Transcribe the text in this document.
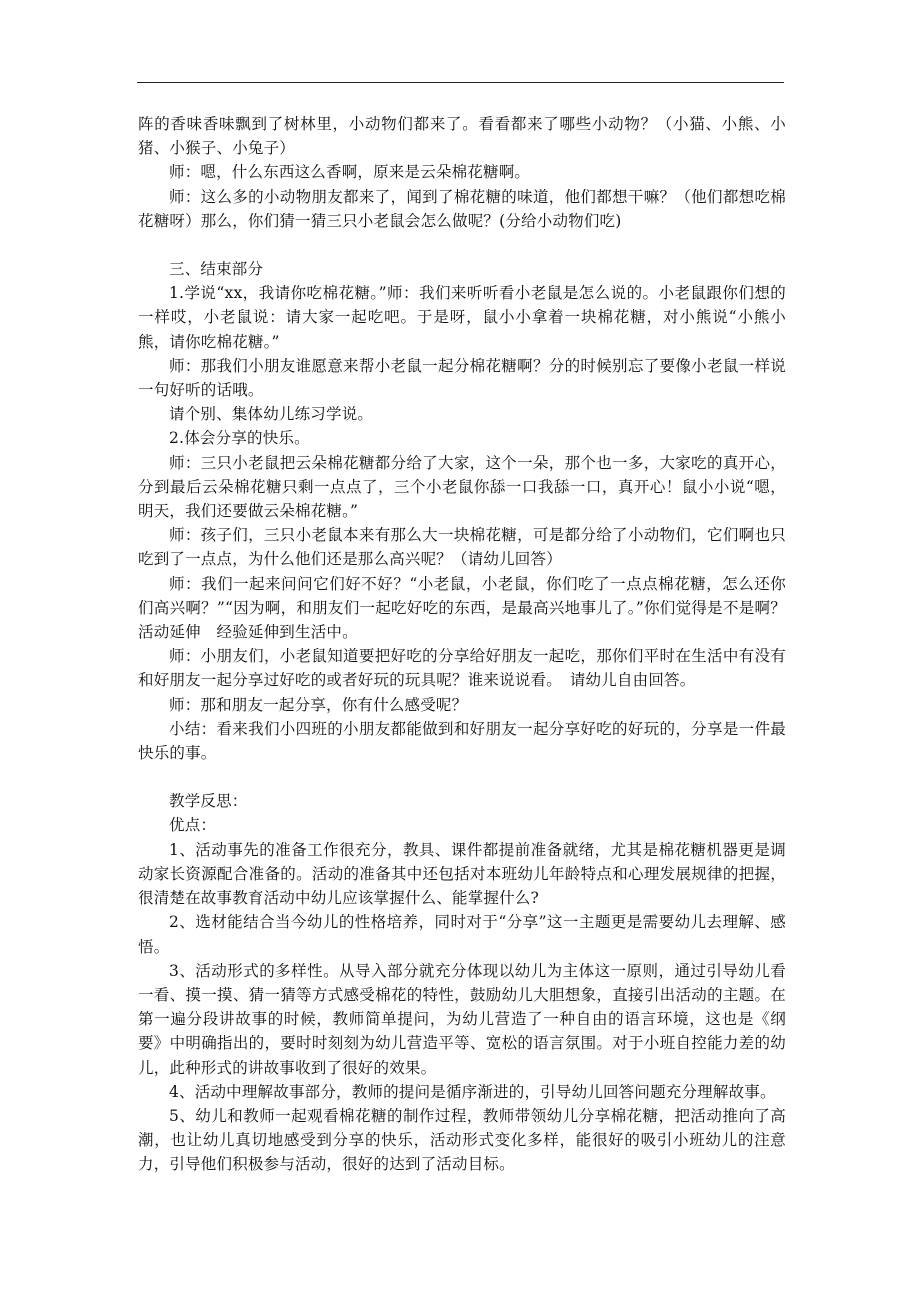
阵的香味香味飘到了树林里，小动物们都来了。看看都来了哪些小动物？（小猫、小熊、小猪、小猴子、小兔子）

师：嗯，什么东西这么香啊，原来是云朵棉花糖啊。

师：这么多的小动物朋友都来了，闻到了棉花糖的味道，他们都想干嘛？（他们都想吃棉花糖呀）那么，你们猜一猜三只小老鼠会怎么做呢？(分给小动物们吃)

三、结束部分

1.学说“xx，我请你吃棉花糖。”师：我们来听听看小老鼠是怎么说的。小老鼠跟你们想的一样哎，小老鼠说：请大家一起吃吧。于是呀，鼠小小拿着一块棉花糖，对小熊说“小熊小熊，请你吃棉花糖。”

师：那我们小朋友谁愿意来帮小老鼠一起分棉花糖啊？分的时候别忘了要像小老鼠一样说一句好听的话哦。

请个别、集体幼儿练习学说。

2.体会分享的快乐。

师：三只小老鼠把云朵棉花糖都分给了大家，这个一朵，那个也一多，大家吃的真开心，分到最后云朵棉花糖只剩一点点了，三个小老鼠你舔一口我舔一口，真开心！鼠小小说“嗯，明天，我们还要做云朵棉花糖。”

师：孩子们，三只小老鼠本来有那么大一块棉花糖，可是都分给了小动物们，它们啊也只吃到了一点点，为什么他们还是那么高兴呢？（请幼儿回答）

师：我们一起来问问它们好不好？“小老鼠，小老鼠，你们吃了一点点棉花糖，怎么还你们高兴啊？”“因为啊，和朋友们一起吃好吃的东西，是最高兴地事儿了。”你们觉得是不是啊？　活动延伸　经验延伸到生活中。

师：小朋友们，小老鼠知道要把好吃的分享给好朋友一起吃，那你们平时在生活中有没有和好朋友一起分享过好吃的或者好玩的玩具呢？谁来说说看。　请幼儿自由回答。

师：那和朋友一起分享，你有什么感受呢？

小结：看来我们小四班的小朋友都能做到和好朋友一起分享好吃的好玩的，分享是一件最快乐的事。

教学反思：

优点：

1、活动事先的准备工作很充分，教具、课件都提前准备就绪，尤其是棉花糖机器更是调动家长资源配合准备的。活动的准备其中还包括对本班幼儿年龄特点和心理发展规律的把握，很清楚在故事教育活动中幼儿应该掌握什么、能掌握什么?

2、选材能结合当今幼儿的性格培养，同时对于“分享”这一主题更是需要幼儿去理解、感悟。

3、活动形式的多样性。从导入部分就充分体现以幼儿为主体这一原则，通过引导幼儿看一看、摸一摸、猜一猜等方式感受棉花的特性，鼓励幼儿大胆想象，直接引出活动的主题。在第一遍分段讲故事的时候，教师简单提问，为幼儿营造了一种自由的语言环境，这也是《纲要》中明确指出的，要时时刻刻为幼儿营造平等、宽松的语言氛围。对于小班自控能力差的幼儿，此种形式的讲故事收到了很好的效果。

4、活动中理解故事部分，教师的提问是循序渐进的，引导幼儿回答问题充分理解故事。

5、幼儿和教师一起观看棉花糖的制作过程，教师带领幼儿分享棉花糖，把活动推向了高潮，也让幼儿真切地感受到分享的快乐，活动形式变化多样，能很好的吸引小班幼儿的注意力，引导他们积极参与活动，很好的达到了活动目标。
